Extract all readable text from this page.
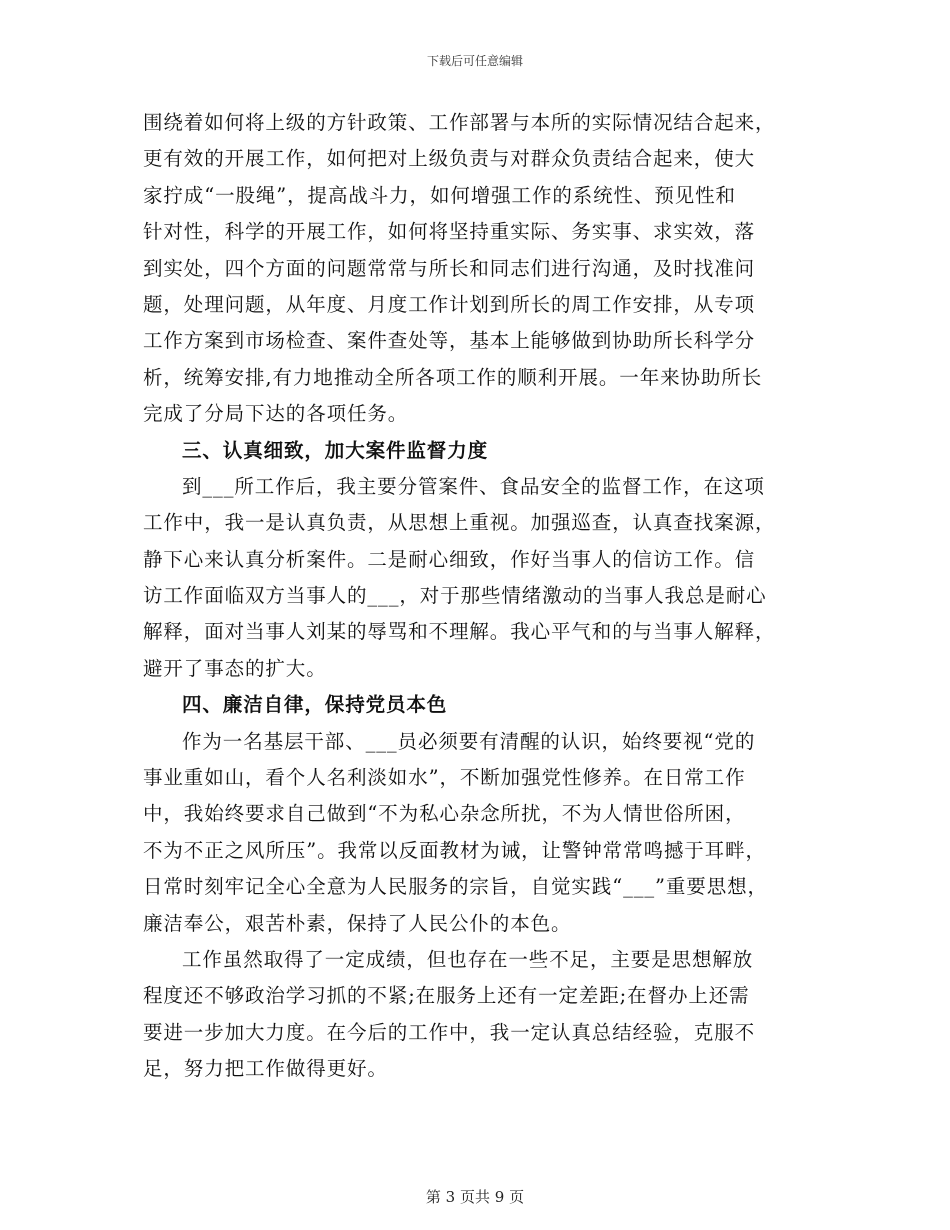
下载后可任意编辑
围绕着如何将上级的方针政策、工作部署与本所的实际情况结合起来，
更有效的开展工作，如何把对上级负责与对群众负责结合起来，使大
家拧成“一股绳”，提高战斗力，如何增强工作的系统性、预见性和
针对性，科学的开展工作，如何将坚持重实际、务实事、求实效，落
到实处，四个方面的问题常常与所长和同志们进行沟通，及时找准问
题，处理问题，从年度、月度工作计划到所长的周工作安排，从专项
工作方案到市场检查、案件查处等，基本上能够做到协助所长科学分
析，统筹安排,有力地推动全所各项工作的顺利开展。一年来协助所长
完成了分局下达的各项任务。
三、认真细致，加大案件监督力度
到___所工作后，我主要分管案件、食品安全的监督工作，在这项
工作中，我一是认真负责，从思想上重视。加强巡查，认真查找案源，
静下心来认真分析案件。二是耐心细致，作好当事人的信访工作。信
访工作面临双方当事人的___，对于那些情绪激动的当事人我总是耐心
解释，面对当事人刘某的辱骂和不理解。我心平气和的与当事人解释，
避开了事态的扩大。
四、廉洁自律，保持党员本色
作为一名基层干部、___员必须要有清醒的认识，始终要视“党的
事业重如山，看个人名利淡如水”，不断加强党性修养。在日常工作
中，我始终要求自己做到“不为私心杂念所扰，不为人情世俗所困，
不为不正之风所压”。我常以反面教材为诫，让警钟常常鸣撼于耳畔，
日常时刻牢记全心全意为人民服务的宗旨，自觉实践“___”重要思想，
廉洁奉公，艰苦朴素，保持了人民公仆的本色。
工作虽然取得了一定成绩，但也存在一些不足，主要是思想解放
程度还不够政治学习抓的不紧;在服务上还有一定差距;在督办上还需
要进一步加大力度。在今后的工作中，我一定认真总结经验，克服不
足，努力把工作做得更好。
第 3 页共 9 页
